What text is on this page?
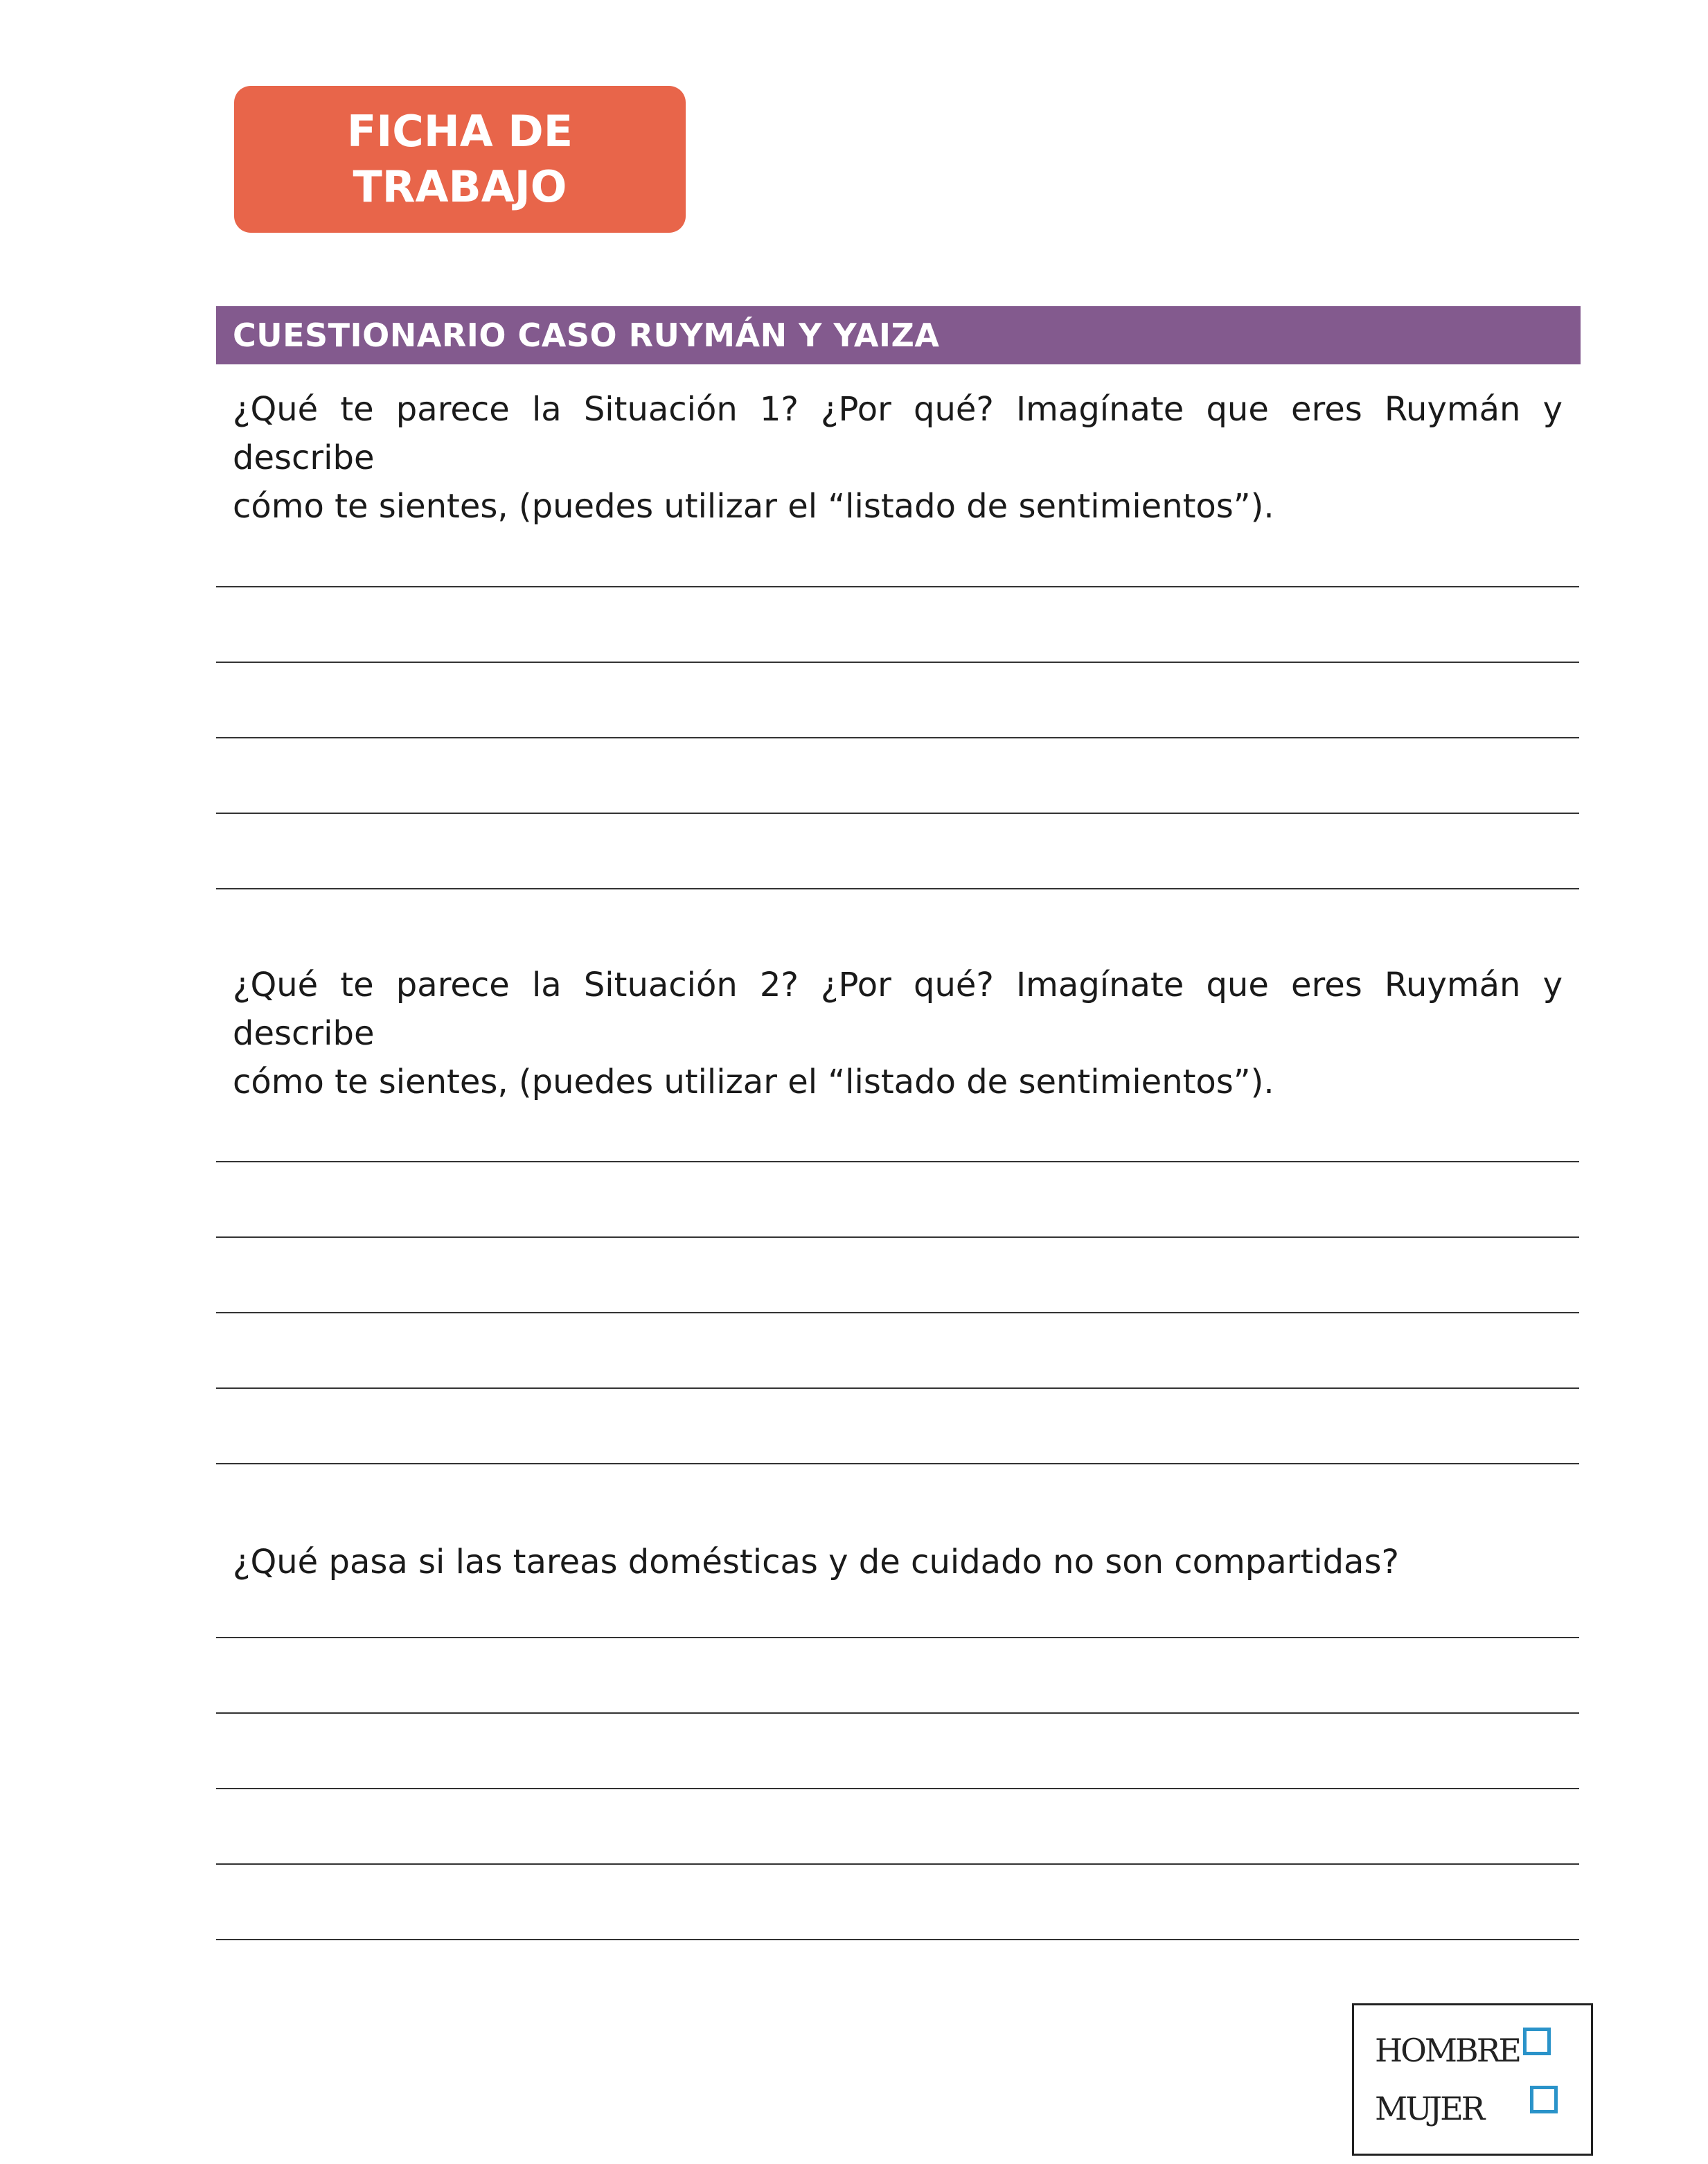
FICHA DE
TRABAJO
CUESTIONARIO CASO RUYMÁN Y YAIZA
¿Qué te parece la Situación 1? ¿Por qué? Imagínate que eres Ruymán y describe
cómo te sientes, (puedes utilizar el “listado de sentimientos”).
¿Qué te parece la Situación 2? ¿Por qué? Imagínate que eres Ruymán y describe
cómo te sientes, (puedes utilizar el “listado de sentimientos”).
¿Qué pasa si las tareas domésticas y de cuidado no son compartidas?
HOMBRE
MUJER
